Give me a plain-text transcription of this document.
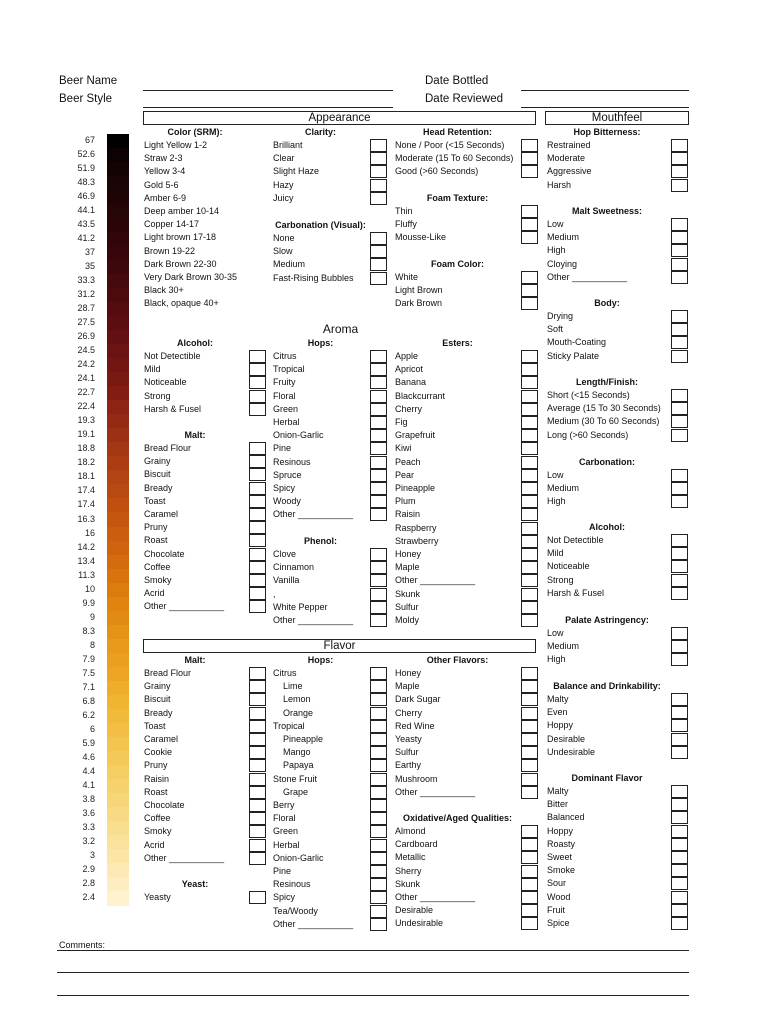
Beer Name
Beer Style
Date Bottled
Date Reviewed
67
52.6
51.9
48.3
46.9
44.1
43.5
41.2
37
35
33.3
31.2
28.7
27.5
26.9
24.5
24.2
24.1
22.7
22.4
19.3
19.1
18.8
18.2
18.1
17.4
17.4
16.3
16
14.2
13.4
11.3
10
9.9
9
8.3
8
7.9
7.5
7.1
6.8
6.2
6
5.9
4.6
4.4
4.1
3.8
3.6
3.3
3.2
3
2.9
2.8
2.4
Appearance
Color (SRM):
Light Yellow 1-2
Straw 2-3
Yellow 3-4
Gold 5-6
Amber 6-9
Deep amber 10-14
Copper 14-17
Light brown 17-18
Brown 19-22
Dark Brown 22-30
Very Dark Brown 30-35
Black 30+
Black, opaque 40+
Clarity:
Brilliant
Clear
Slight Haze
Hazy
Juicy
Carbonation (Visual):
None
Slow
Medium
Fast-Rising Bubbles
Head Retention:
None / Poor (<15 Seconds)
Moderate (15 To 60 Seconds)
Good (>60 Seconds)
Foam Texture:
Thin
Fluffy
Mousse-Like
Foam Color:
White
Light Brown
Dark Brown
Aroma
Alcohol:
Not Detectible
Mild
Noticeable
Strong
Harsh & Fusel
Malt:
Bread Flour
Grainy
Biscuit
Bready
Toast
Caramel
Pruny
Roast
Chocolate
Coffee
Smoky
Acrid
Other ___________
Hops:
Citrus
Tropical
Fruity
Floral
Green
Herbal
Onion-Garlic
Pine
Resinous
Spruce
Spicy
Woody
Other ___________
Phenol:
Clove
Cinnamon
Vanilla
,
White Pepper
Other ___________
Esters:
Apple
Apricot
Banana
Blackcurrant
Cherry
Fig
Grapefruit
Kiwi
Peach
Pear
Pineapple
Plum
Raisin
Raspberry
Strawberry
Honey
Maple
Other ___________
Skunk
Sulfur
Moldy
Flavor
Malt:
Bread Flour
Grainy
Biscuit
Bready
Toast
Caramel
Cookie
Pruny
Raisin
Roast
Chocolate
Coffee
Smoky
Acrid
Other ___________
Yeast:
Yeasty
Hops:
Citrus
Lime
Lemon
Orange
Tropical
Pineapple
Mango
Papaya
Stone Fruit
Grape
Berry
Floral
Green
Herbal
Onion-Garlic
Pine
Resinous
Spicy
Tea/Woody
Other ___________
Other Flavors:
Honey
Maple
Dark Sugar
Cherry
Red Wine
Yeasty
Sulfur
Earthy
Mushroom
Other ___________
Oxidative/Aged Qualities:
Almond
Cardboard
Metallic
Sherry
Skunk
Other ___________
Desirable
Undesirable
Mouthfeel
Hop Bitterness:
Restrained
Moderate
Aggressive
Harsh
Malt Sweetness:
Low
Medium
High
Cloying
Other ___________
Body:
Drying
Soft
Mouth-Coating
Sticky Palate
Length/Finish:
Short (<15 Seconds)
Average (15 To 30 Seconds)
Medium (30 To 60 Seconds)
Long (>60 Seconds)
Carbonation:
Low
Medium
High
Alcohol:
Not Detectible
Mild
Noticeable
Strong
Harsh & Fusel
Palate Astringency:
Low
Medium
High
Balance and Drinkability:
Malty
Even
Hoppy
Desirable
Undesirable
Dominant Flavor
Malty
Bitter
Balanced
Hoppy
Roasty
Sweet
Smoke
Sour
Wood
Fruit
Spice
Comments:
